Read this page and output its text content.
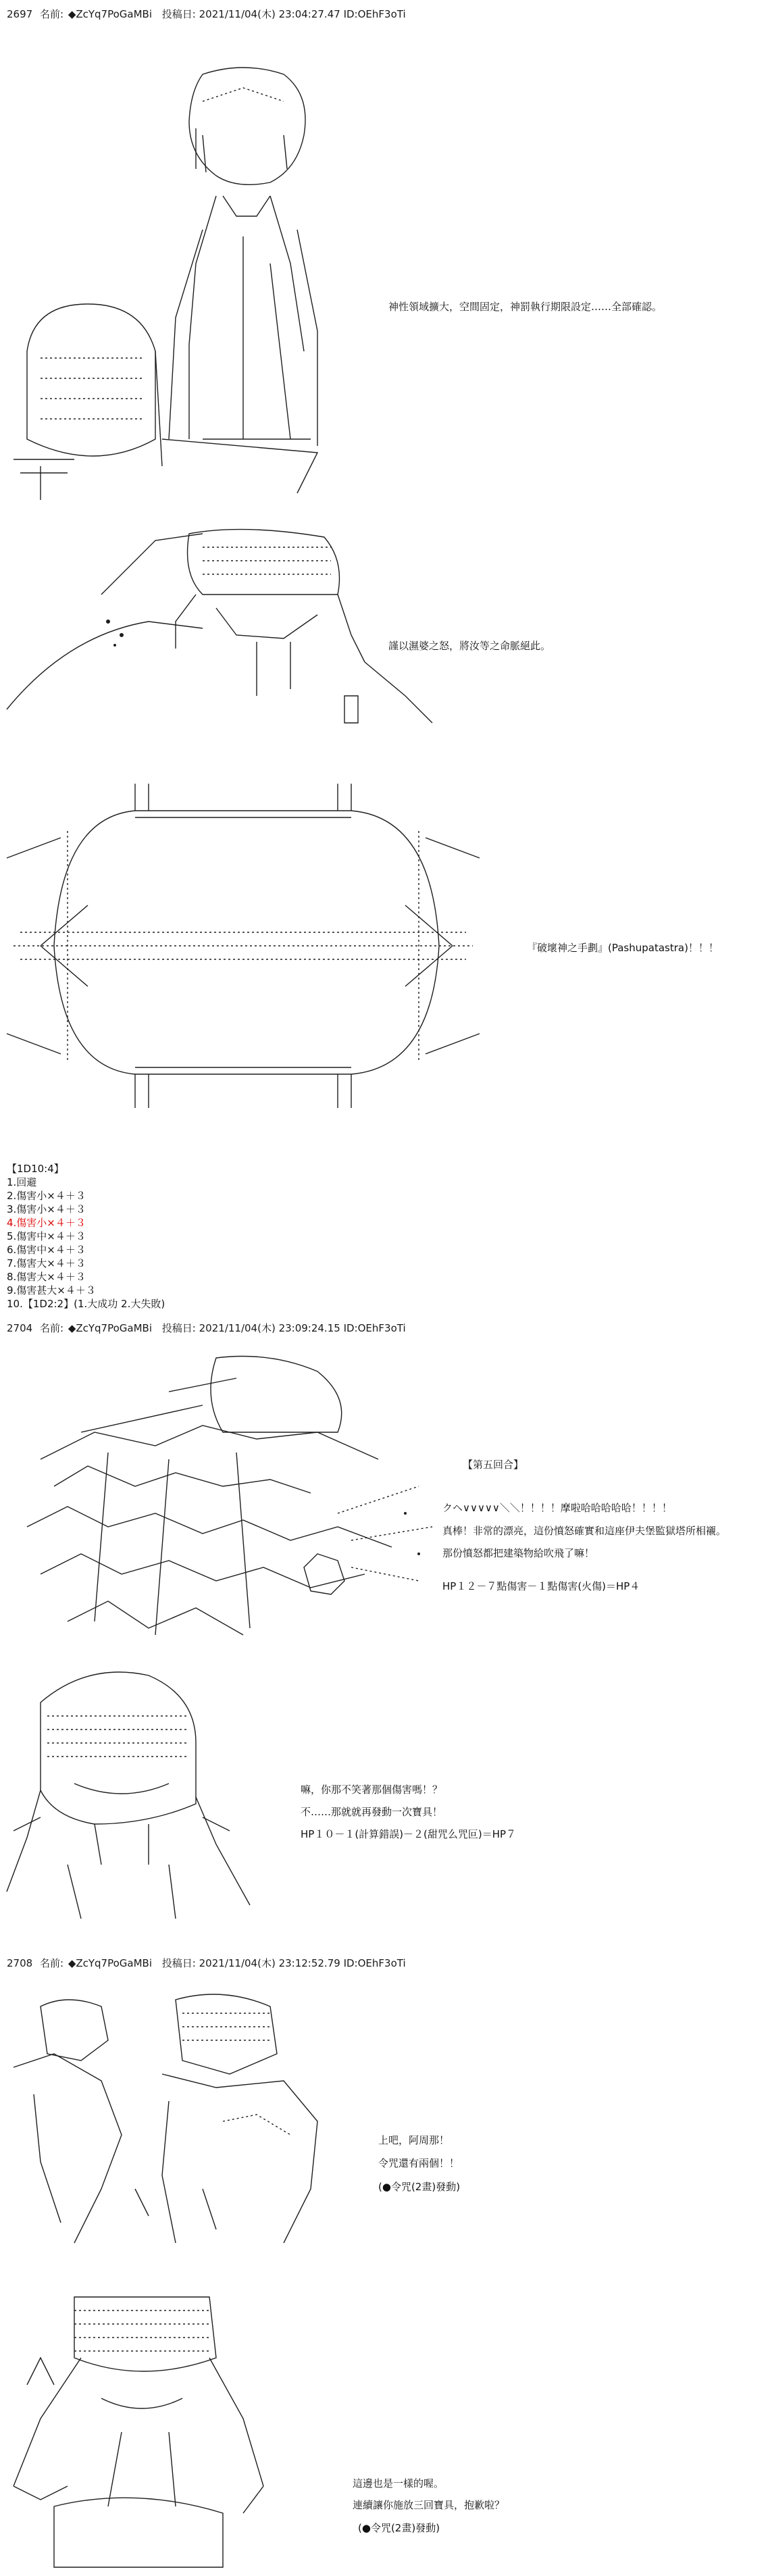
2697 名前: ◆ZcYq7PoGaMBi 投稿日: 2021/11/04(木) 23:04:27.47 ID:OEhF3oTi
神性領域擴大，空間固定，神罰執行期限設定……全部確認。
謹以濕婆之怒，將汝等之命脈絕此。
『破壞神之手劃』(Pashupatastra)！！！
【1D10:4】
1.回避
2.傷害小×４＋３
3.傷害小×４＋３
4.傷害小×４＋３
5.傷害中×４＋３
6.傷害中×４＋３
7.傷害大×４＋３
8.傷害大×４＋３
9.傷害甚大×４＋３
10.【1D2:2】(1.大成功 2.大失敗)
2704 名前: ◆ZcYq7PoGaMBi 投稿日: 2021/11/04(木) 23:09:24.15 ID:OEhF3oTi
【第五回合】
クヘ∨∨∨∨∨＼＼！！！！摩啦哈哈哈哈哈！！！！
真棒！非常的漂亮，這份憤怒確實和這座伊夫堡監獄塔所相襯。
那份憤怒都把建築物給吹飛了嘛！
HP１２－７點傷害－１點傷害(火傷)＝HP４
嘛，你那不笑著那個傷害嗎！？
不……那就就再發動一次寶具！
HP１０－１(計算錯誤)－２(甜咒么咒叵)＝HP７
2708 名前: ◆ZcYq7PoGaMBi 投稿日: 2021/11/04(木) 23:12:52.79 ID:OEhF3oTi
上吧，阿周那！
令咒還有兩個！！
(●令咒(2畫)發動)
這邊也是一樣的喔。
連續讓你施放三回寶具，抱歉啦？
(●令咒(2畫)發動)
